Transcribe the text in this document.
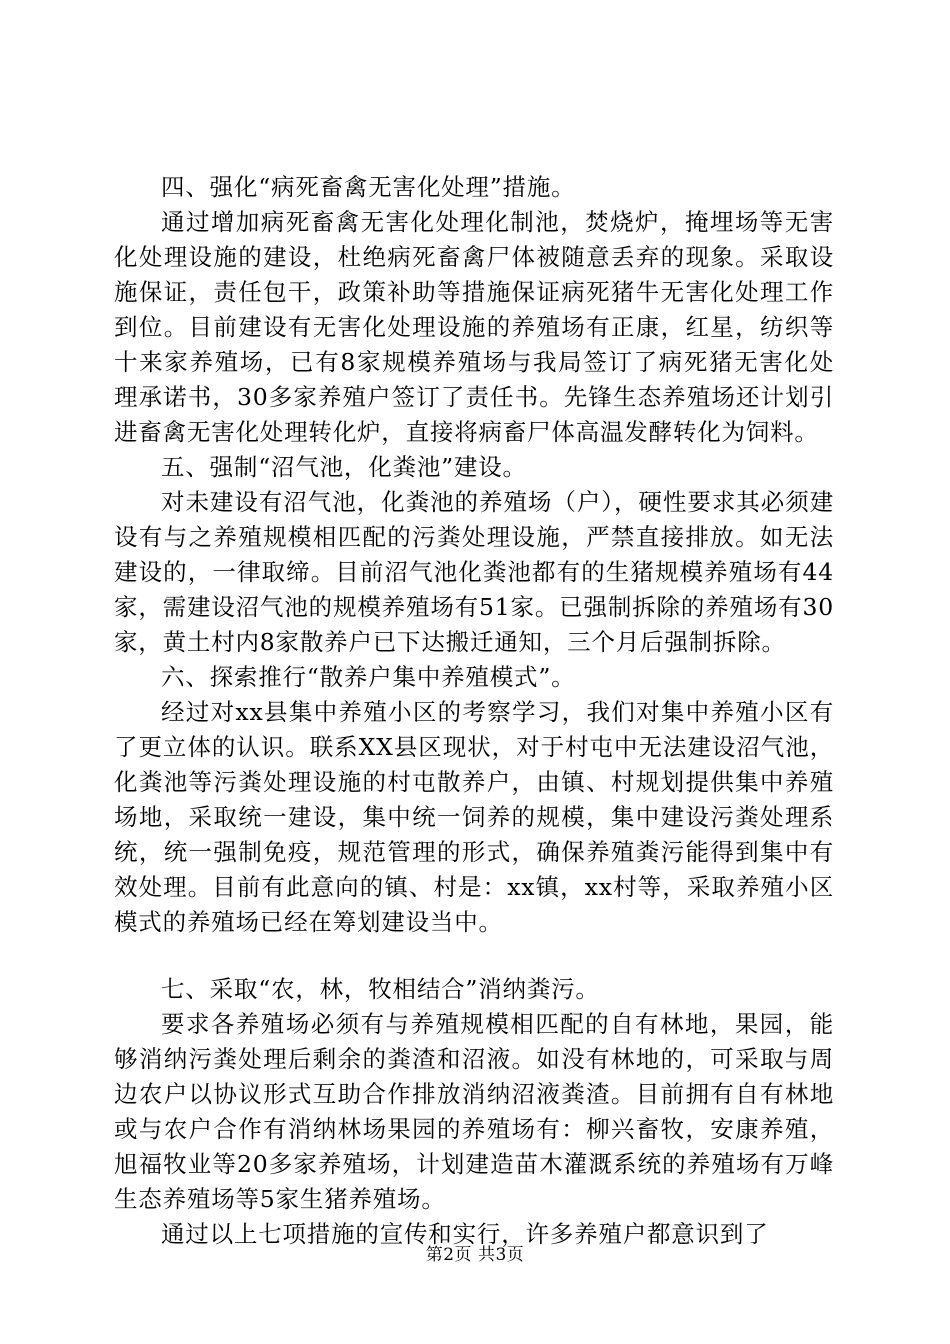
四、强化“病死畜禽无害化处理”措施。

通过增加病死畜禽无害化处理化制池，焚烧炉，掩埋场等无害化处理设施的建设，杜绝病死畜禽尸体被随意丢弃的现象。采取设施保证，责任包干，政策补助等措施保证病死猪牛无害化处理工作到位。目前建设有无害化处理设施的养殖场有正康，红星，纺织等十来家养殖场，已有8家规模养殖场与我局签订了病死猪无害化处理承诺书，30多家养殖户签订了责任书。先锋生态养殖场还计划引进畜禽无害化处理转化炉，直接将病畜尸体高温发酵转化为饲料。

五、强制“沼气池，化粪池”建设。

对未建设有沼气池，化粪池的养殖场（户），硬性要求其必须建设有与之养殖规模相匹配的污粪处理设施，严禁直接排放。如无法建设的，一律取缔。目前沼气池化粪池都有的生猪规模养殖场有44家，需建设沼气池的规模养殖场有51家。已强制拆除的养殖场有30家，黄土村内8家散养户已下达搬迁通知，三个月后强制拆除。

六、探索推行“散养户集中养殖模式”。

经过对xx县集中养殖小区的考察学习，我们对集中养殖小区有了更立体的认识。联系XX县区现状，对于村屯中无法建设沼气池，化粪池等污粪处理设施的村屯散养户，由镇、村规划提供集中养殖场地，采取统一建设，集中统一饲养的规模，集中建设污粪处理系统，统一强制免疫，规范管理的形式，确保养殖粪污能得到集中有效处理。目前有此意向的镇、村是：xx镇，xx村等，采取养殖小区模式的养殖场已经在筹划建设当中。

七、采取“农，林，牧相结合”消纳粪污。

要求各养殖场必须有与养殖规模相匹配的自有林地，果园，能够消纳污粪处理后剩余的粪渣和沼液。如没有林地的，可采取与周边农户以协议形式互助合作排放消纳沼液粪渣。目前拥有自有林地或与农户合作有消纳林场果园的养殖场有：柳兴畜牧，安康养殖，旭福牧业等20多家养殖场，计划建造苗木灌溉系统的养殖场有万峰生态养殖场等5家生猪养殖场。

通过以上七项措施的宣传和实行，许多养殖户都意识到了

第2页 共3页
